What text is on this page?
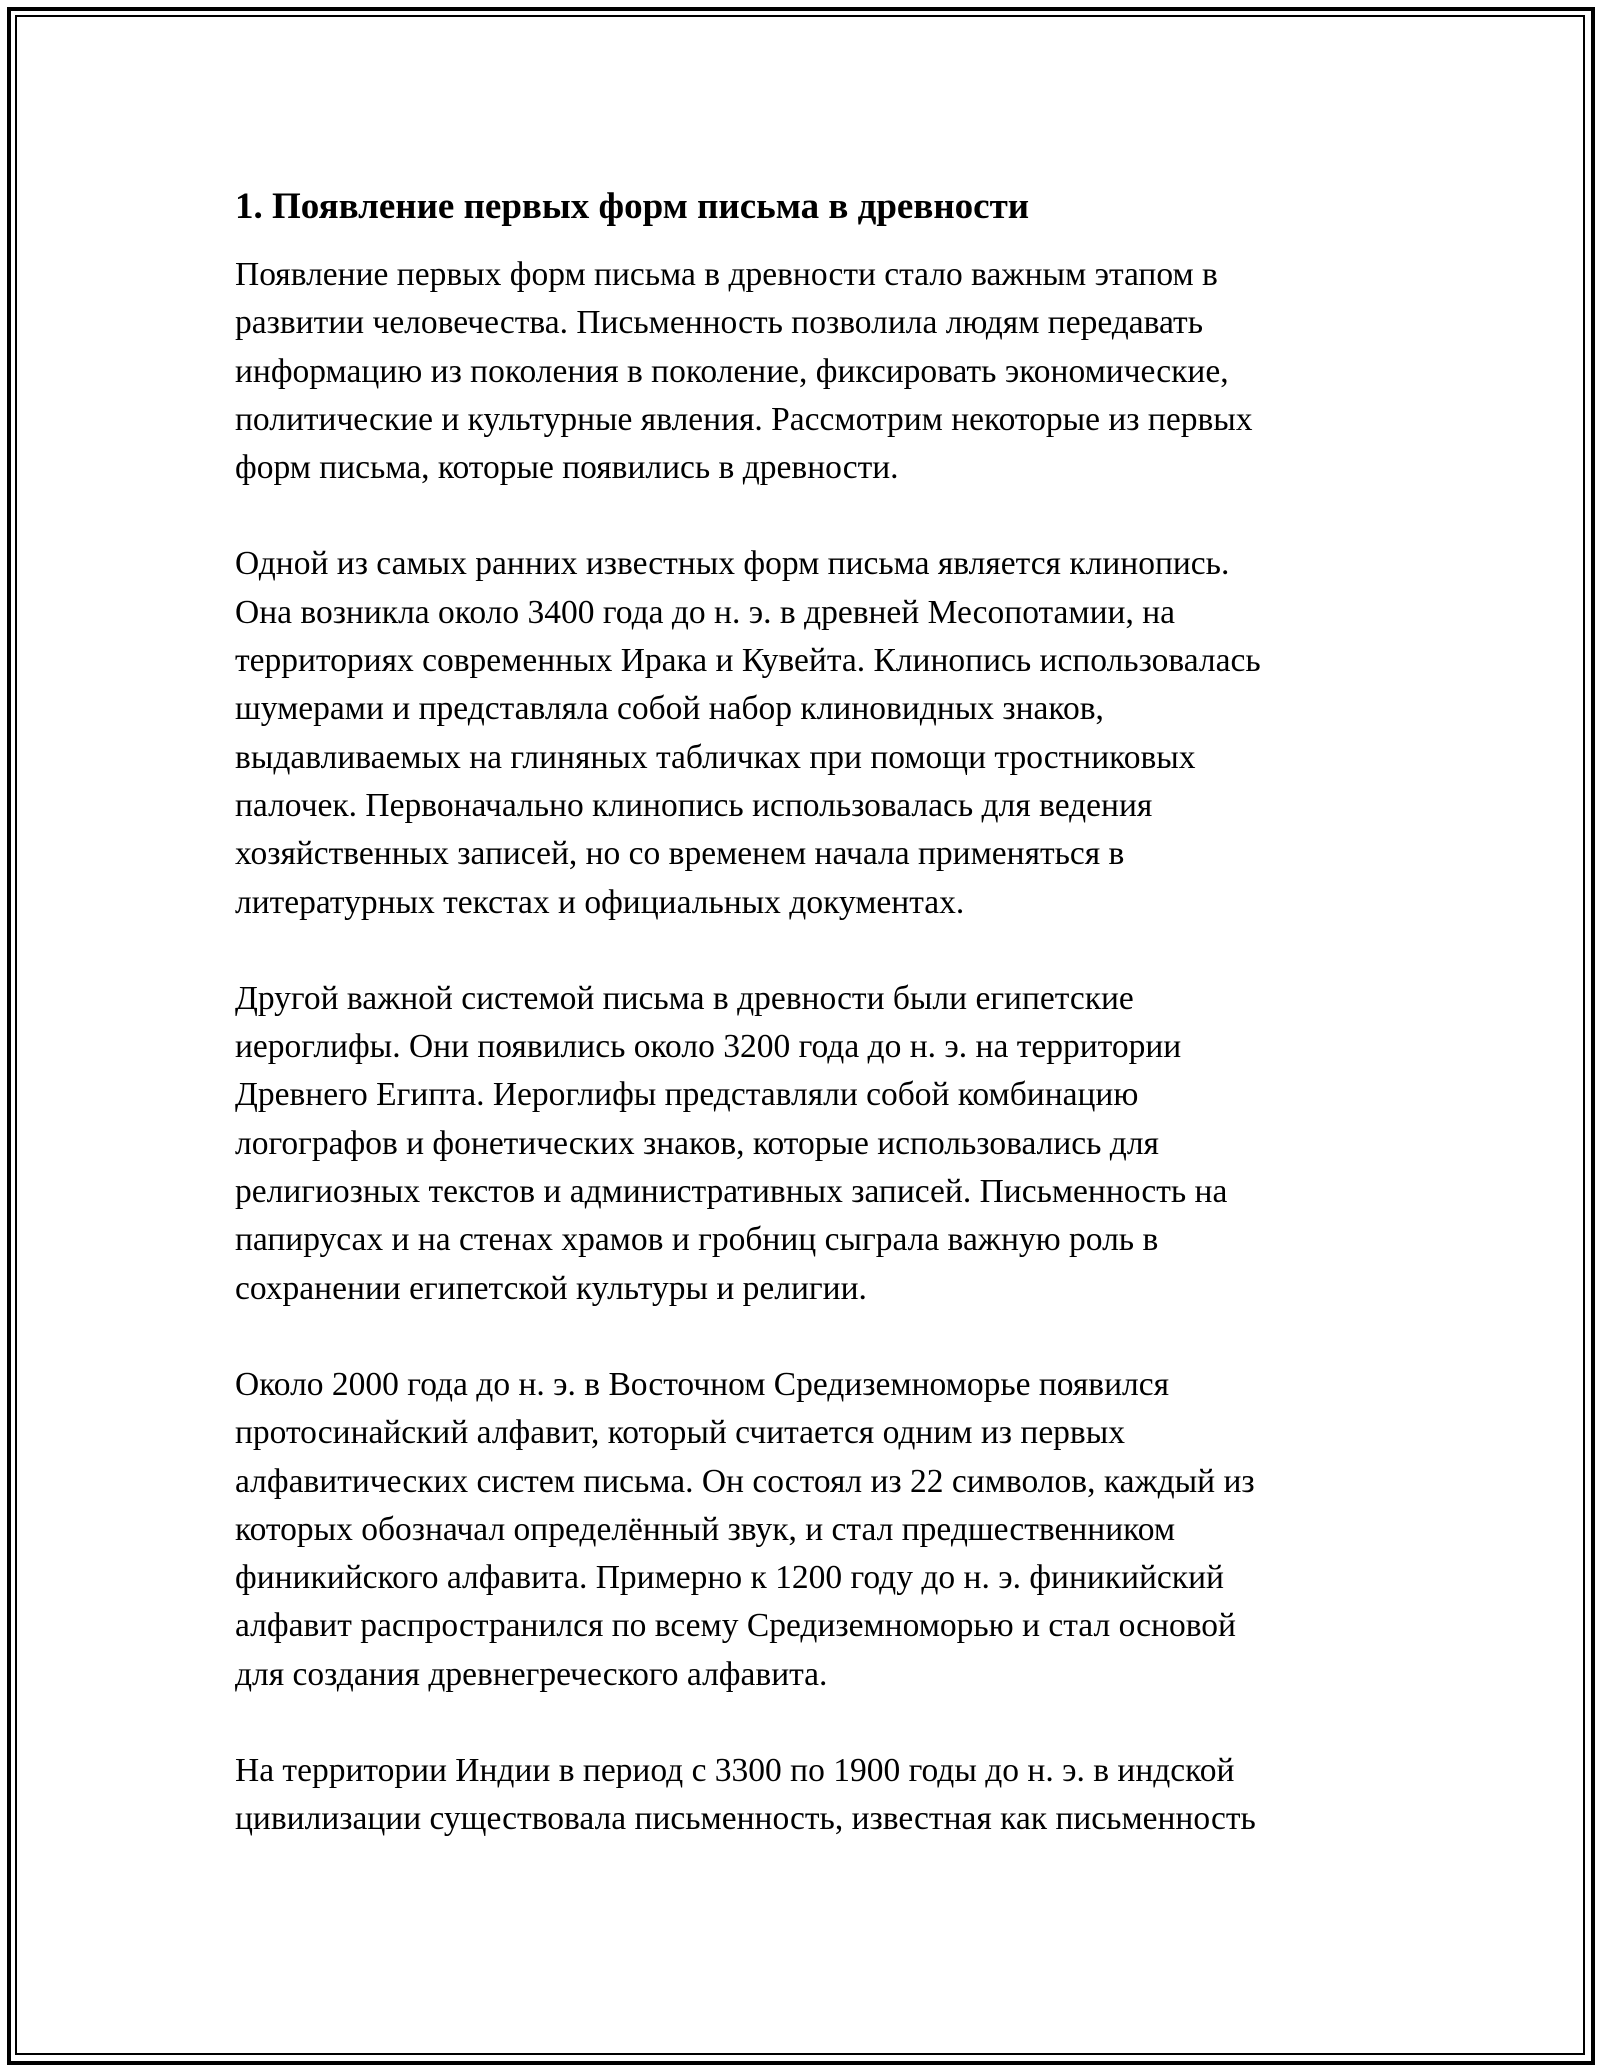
1. Появление первых форм письма в древности

Появление первых форм письма в древности стало важным этапом в
развитии человечества. Письменность позволила людям передавать
информацию из поколения в поколение, фиксировать экономические,
политические и культурные явления. Рассмотрим некоторые из первых
форм письма, которые появились в древности.

Одной из самых ранних известных форм письма является клинопись.
Она возникла около 3400 года до н. э. в древней Месопотамии, на
территориях современных Ирака и Кувейта. Клинопись использовалась
шумерами и представляла собой набор клиновидных знаков,
выдавливаемых на глиняных табличках при помощи тростниковых
палочек. Первоначально клинопись использовалась для ведения
хозяйственных записей, но со временем начала применяться в
литературных текстах и официальных документах.

Другой важной системой письма в древности были египетские
иероглифы. Они появились около 3200 года до н. э. на территории
Древнего Египта. Иероглифы представляли собой комбинацию
логографов и фонетических знаков, которые использовались для
религиозных текстов и административных записей. Письменность на
папирусах и на стенах храмов и гробниц сыграла важную роль в
сохранении египетской культуры и религии.

Около 2000 года до н. э. в Восточном Средиземноморье появился
протосинайский алфавит, который считается одним из первых
алфавитических систем письма. Он состоял из 22 символов, каждый из
которых обозначал определённый звук, и стал предшественником
финикийского алфавита. Примерно к 1200 году до н. э. финикийский
алфавит распространился по всему Средиземноморью и стал основой
для создания древнегреческого алфавита.

На территории Индии в период с 3300 по 1900 годы до н. э. в индской
цивилизации существовала письменность, известная как письменность
